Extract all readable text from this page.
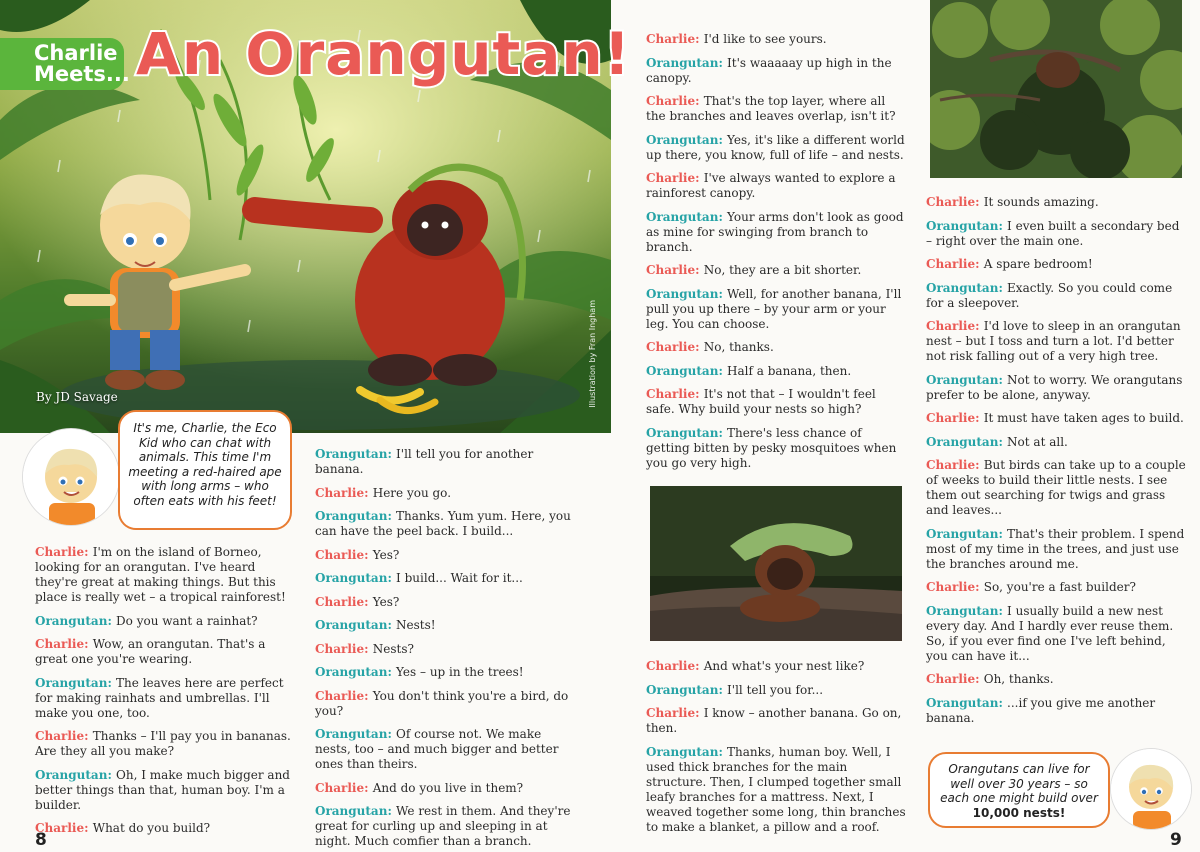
By JD Savage	Illustration by Fran Ingham
Charlie
Meets... An Orangutan!
It's me, Charlie, the Eco Kid who can chat with animals. This time I'm meeting a red-haired ape with long arms – who often eats with his feet!
Charlie: I'm on the island of Borneo, looking for an orangutan. I've heard they're great at making things. But this place is really wet – a tropical rainforest!
Orangutan: Do you want a rainhat?
Charlie: Wow, an orangutan. That's a great one you're wearing.
Orangutan: The leaves here are perfect for making rainhats and umbrellas. I'll make you one, too.
Charlie: Thanks – I'll pay you in bananas. Are they all you make?
Orangutan: Oh, I make much bigger and better things than that, human boy. I'm a builder.
Charlie: What do you build?
Orangutan: I'll tell you for another banana.
Charlie: Here you go.
Orangutan: Thanks. Yum yum. Here, you can have the peel back. I build...
Charlie: Yes?
Orangutan: I build... Wait for it...
Charlie: Yes?
Orangutan: Nests!
Charlie: Nests?
Orangutan: Yes – up in the trees!
Charlie: You don't think you're a bird, do you?
Orangutan: Of course not. We make nests, too – and much bigger and better ones than theirs.
Charlie: And do you live in them?
Orangutan: We rest in them. And they're great for curling up and sleeping in at night. Much comfier than a branch.
Charlie: I'd like to see yours.
Orangutan: It's waaaaay up high in the canopy.
Charlie: That's the top layer, where all the branches and leaves overlap, isn't it?
Orangutan: Yes, it's like a different world up there, you know, full of life – and nests.
Charlie: I've always wanted to explore a rainforest canopy.
Orangutan: Your arms don't look as good as mine for swinging from branch to branch.
Charlie: No, they are a bit shorter.
Orangutan: Well, for another banana, I'll pull you up there – by your arm or your leg. You can choose.
Charlie: No, thanks.
Orangutan: Half a banana, then.
Charlie: It's not that – I wouldn't feel safe. Why build your nests so high?
Orangutan: There's less chance of getting bitten by pesky mosquitoes when you go very high.
Charlie: And what's your nest like?
Orangutan: I'll tell you for...
Charlie: I know – another banana. Go on, then.
Orangutan: Thanks, human boy. Well, I used thick branches for the main structure. Then, I clumped together small leafy branches for a mattress. Next, I weaved together some long, thin branches to make a blanket, a pillow and a roof.
Charlie: It sounds amazing.
Orangutan: I even built a secondary bed – right over the main one.
Charlie: A spare bedroom!
Orangutan: Exactly. So you could come for a sleepover.
Charlie: I'd love to sleep in an orangutan nest – but I toss and turn a lot. I'd better not risk falling out of a very high tree.
Orangutan: Not to worry. We orangutans prefer to be alone, anyway.
Charlie: It must have taken ages to build.
Orangutan: Not at all.
Charlie: But birds can take up to a couple of weeks to build their little nests. I see them out searching for twigs and grass and leaves...
Orangutan: That's their problem. I spend most of my time in the trees, and just use the branches around me.
Charlie: So, you're a fast builder?
Orangutan: I usually build a new nest every day. And I hardly ever reuse them. So, if you ever find one I've left behind, you can have it...
Charlie: Oh, thanks.
Orangutan: ...if you give me another banana.
Orangutans can live for well over 30 years – so each one might build over 10,000 nests!
8	9
